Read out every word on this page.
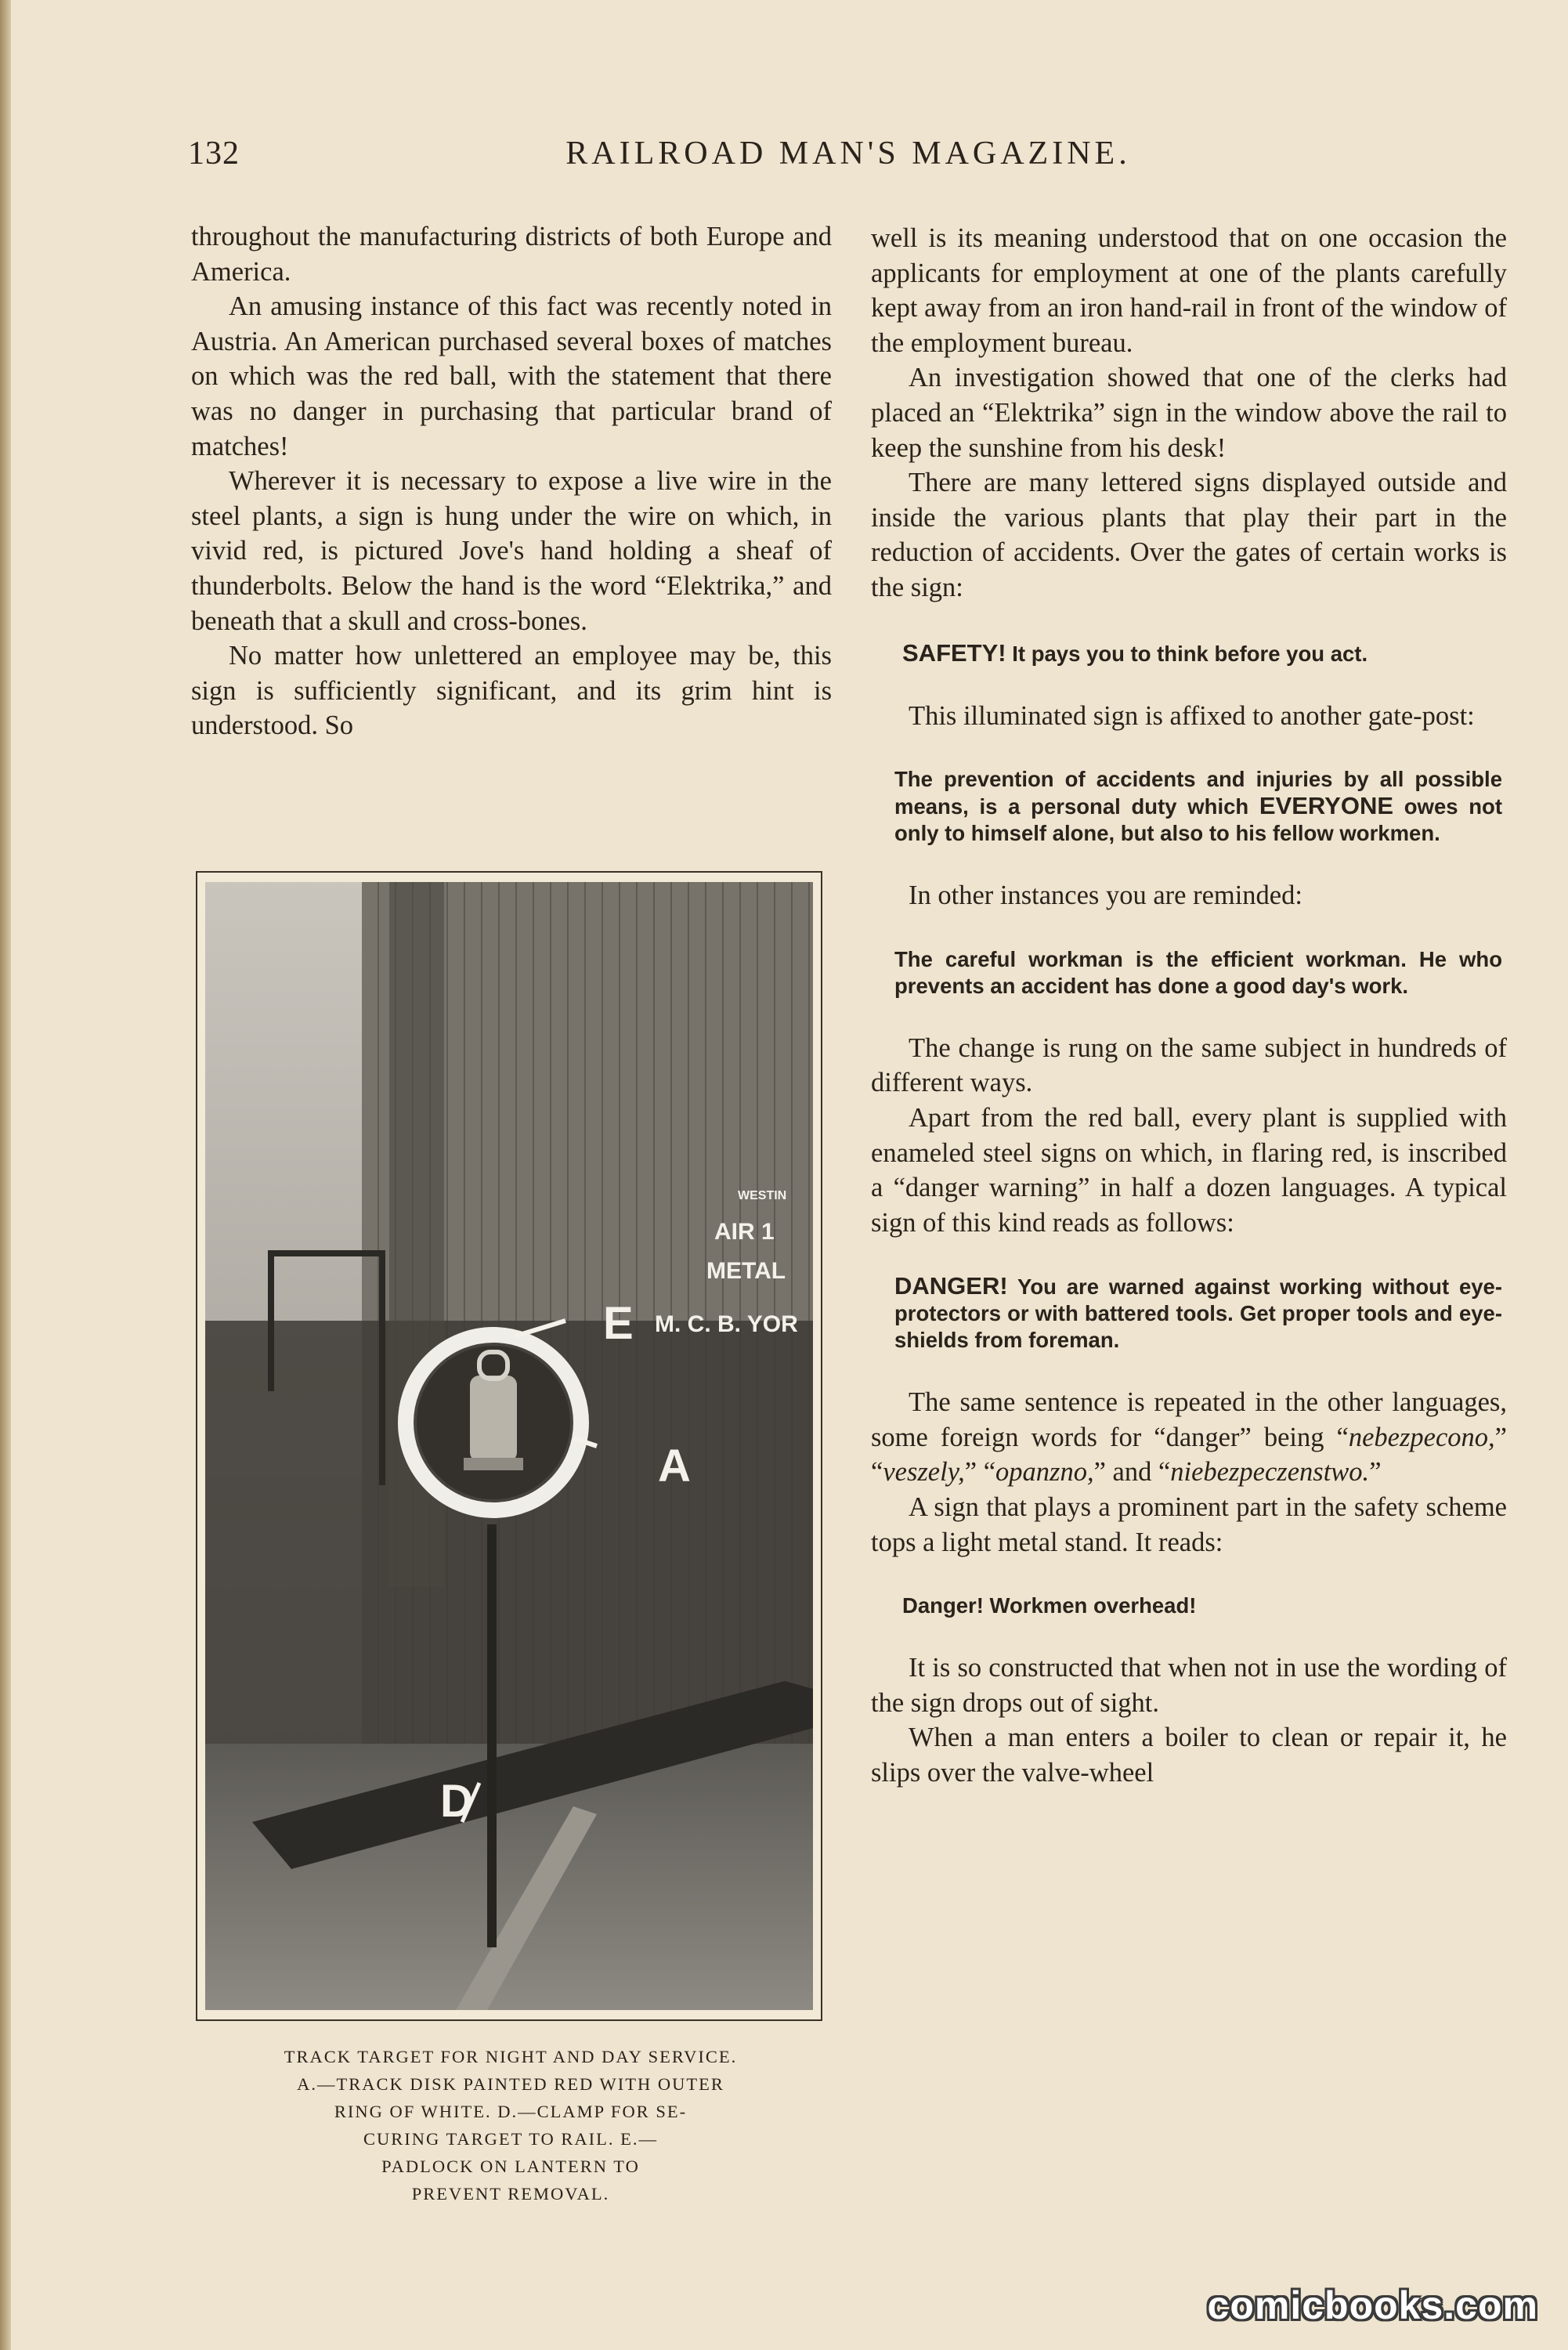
132	RAILROAD MAN'S MAGAZINE.

throughout the manufacturing districts of both Europe and America.

An amusing instance of this fact was recently noted in Austria. An American purchased several boxes of matches on which was the red ball, with the statement that there was no danger in purchasing that particular brand of matches!

Wherever it is necessary to expose a live wire in the steel plants, a sign is hung under the wire on which, in vivid red, is pictured Jove's hand holding a sheaf of thunderbolts. Below the hand is the word “Elektrika,” and beneath that a skull and cross-bones.

No matter how unlettered an employee may be, this sign is sufficiently significant, and its grim hint is understood. So

E M. C. B. YOR
AIR 1
METAL
WESTIN
A
D
TRACK TARGET FOR NIGHT AND DAY SERVICE.
A.—TRACK DISK PAINTED RED WITH OUTER
RING OF WHITE. D.—CLAMP FOR SE-
CURING TARGET TO RAIL. E.—
PADLOCK ON LANTERN TO
PREVENT REMOVAL.

well is its meaning understood that on one occasion the applicants for employment at one of the plants carefully kept away from an iron hand-rail in front of the window of the employment bureau.

An investigation showed that one of the clerks had placed an “Elektrika” sign in the window above the rail to keep the sunshine from his desk!

There are many lettered signs displayed outside and inside the various plants that play their part in the reduction of accidents. Over the gates of certain works is the sign:

SAFETY! It pays you to think before you act.

This illuminated sign is affixed to another gate-post:

The prevention of accidents and injuries by all possible means, is a personal duty which EVERYONE owes not only to himself alone, but also to his fellow workmen.

In other instances you are reminded:

The careful workman is the efficient workman. He who prevents an accident has done a good day's work.

The change is rung on the same subject in hundreds of different ways.

Apart from the red ball, every plant is supplied with enameled steel signs on which, in flaring red, is inscribed a “danger warning” in half a dozen languages. A typical sign of this kind reads as follows:

DANGER! You are warned against working without eye-protectors or with battered tools. Get proper tools and eye-shields from foreman.

The same sentence is repeated in the other languages, some foreign words for “danger” being “nebezpecono,” “veszely,” “opanzno,” and “niebezpeczenstwo.”

A sign that plays a prominent part in the safety scheme tops a light metal stand. It reads:

Danger! Workmen overhead!

It is so constructed that when not in use the wording of the sign drops out of sight.

When a man enters a boiler to clean or repair it, he slips over the valve-wheel

comicbooks.com
